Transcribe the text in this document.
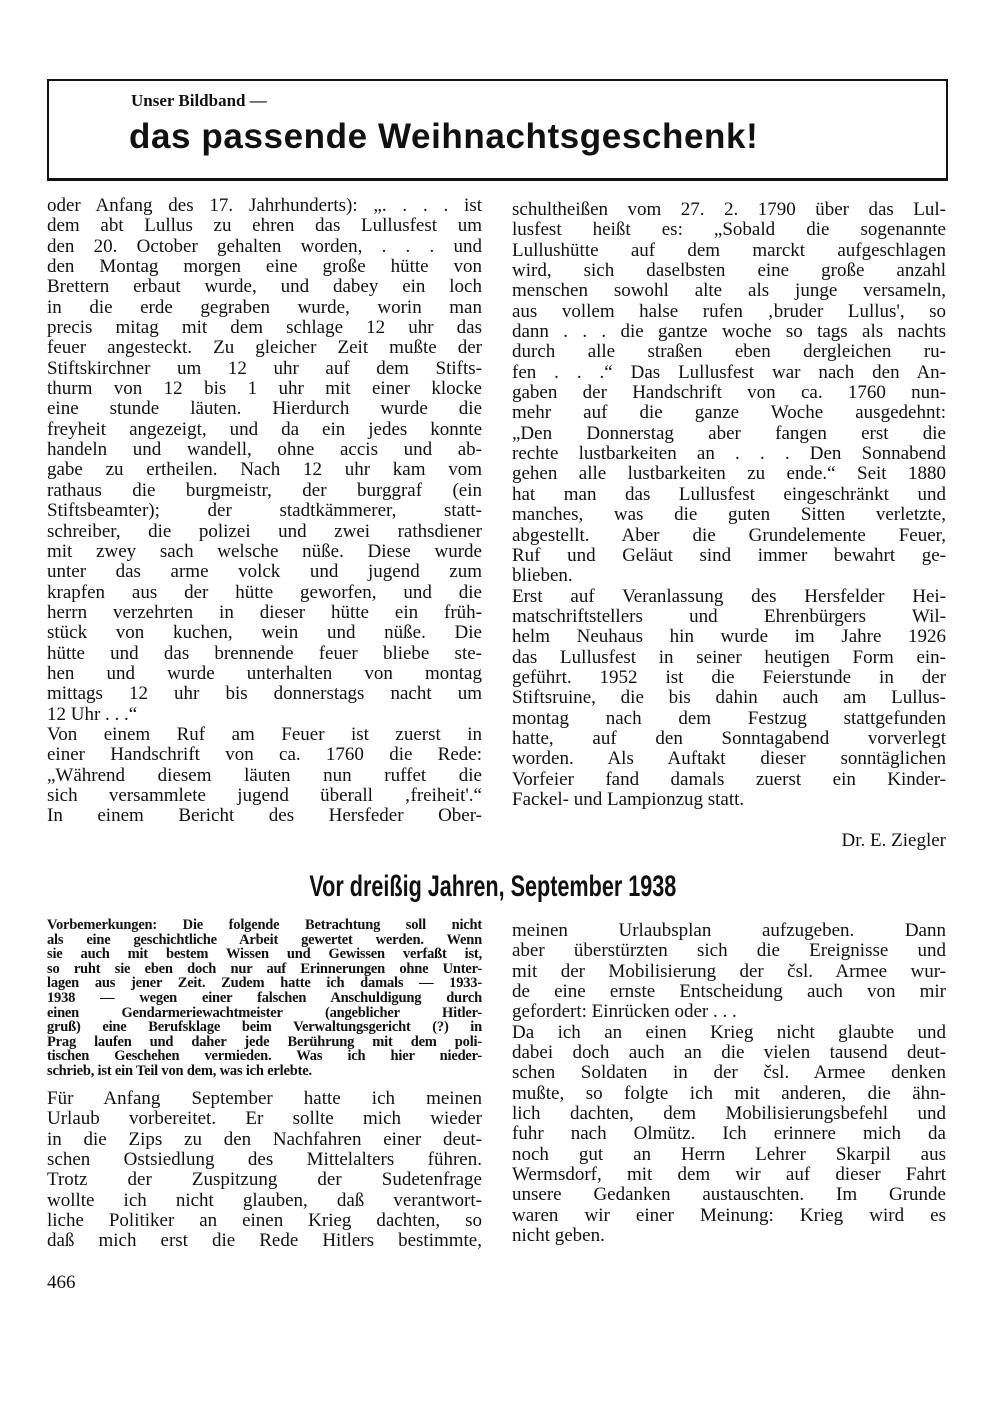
Unser Bildband —
das passende Weihnachtsgeschenk!
oder Anfang des 17. Jahrhunderts): „. . . . ist
dem abt Lullus zu ehren das Lullusfest um
den 20. October gehalten worden, . . . und
den Montag morgen eine große hütte von
Brettern erbaut wurde, und dabey ein loch
in die erde gegraben wurde, worin man
precis mitag mit dem schlage 12 uhr das
feuer angesteckt. Zu gleicher Zeit mußte der
Stiftskirchner um 12 uhr auf dem Stifts-
thurm von 12 bis 1 uhr mit einer klocke
eine stunde läuten. Hierdurch wurde die
freyheit angezeigt, und da ein jedes konnte
handeln und wandell, ohne accis und ab-
gabe zu ertheilen. Nach 12 uhr kam vom
rathaus die burgmeistr, der burggraf (ein
Stiftsbeamter); der stadtkämmerer, statt-
schreiber, die polizei und zwei rathsdiener
mit zwey sach welsche nüße. Diese wurde
unter das arme volck und jugend zum
krapfen aus der hütte geworfen, und die
herrn verzehrten in dieser hütte ein früh-
stück von kuchen, wein und nüße. Die
hütte und das brennende feuer bliebe ste-
hen und wurde unterhalten von montag
mittags 12 uhr bis donnerstags nacht um
12 Uhr . . .“
Von einem Ruf am Feuer ist zuerst in
einer Handschrift von ca. 1760 die Rede:
„Während diesem läuten nun ruffet die
sich versammlete jugend überall ‚freiheit'.“
In einem Bericht des Hersfeder Ober-
schultheißen vom 27. 2. 1790 über das Lul-
lusfest heißt es: „Sobald die sogenannte
Lullushütte auf dem marckt aufgeschlagen
wird, sich daselbsten eine große anzahl
menschen sowohl alte als junge versameln,
aus vollem halse rufen ‚bruder Lullus', so
dann . . . die gantze woche so tags als nachts
durch alle straßen eben dergleichen ru-
fen . . .“ Das Lullusfest war nach den An-
gaben der Handschrift von ca. 1760 nun-
mehr auf die ganze Woche ausgedehnt:
„Den Donnerstag aber fangen erst die
rechte lustbarkeiten an . . . Den Sonnabend
gehen alle lustbarkeiten zu ende.“ Seit 1880
hat man das Lullusfest eingeschränkt und
manches, was die guten Sitten verletzte,
abgestellt. Aber die Grundelemente Feuer,
Ruf und Geläut sind immer bewahrt ge-
blieben.
Erst auf Veranlassung des Hersfelder Hei-
matschriftstellers und Ehrenbürgers Wil-
helm Neuhaus hin wurde im Jahre 1926
das Lullusfest in seiner heutigen Form ein-
geführt. 1952 ist die Feierstunde in der
Stiftsruine, die bis dahin auch am Lullus-
montag nach dem Festzug stattgefunden
hatte, auf den Sonntagabend vorverlegt
worden. Als Auftakt dieser sonntäglichen
Vorfeier fand damals zuerst ein Kinder-
Fackel- und Lampionzug statt.
Dr. E. Ziegler
Vor dreißig Jahren, September 1938
Vorbemerkungen: Die folgende Betrachtung soll nicht
als eine geschichtliche Arbeit gewertet werden. Wenn
sie auch mit bestem Wissen und Gewissen verfaßt ist,
so ruht sie eben doch nur auf Erinnerungen ohne Unter-
lagen aus jener Zeit. Zudem hatte ich damals — 1933-
1938 — wegen einer falschen Anschuldigung durch
einen Gendarmeriewachtmeister (angeblicher Hitler-
gruß) eine Berufsklage beim Verwaltungsgericht (?) in
Prag laufen und daher jede Berührung mit dem poli-
tischen Geschehen vermieden. Was ich hier nieder-
schrieb, ist ein Teil von dem, was ich erlebte.
Für Anfang September hatte ich meinen
Urlaub vorbereitet. Er sollte mich wieder
in die Zips zu den Nachfahren einer deut-
schen Ostsiedlung des Mittelalters führen.
Trotz der Zuspitzung der Sudetenfrage
wollte ich nicht glauben, daß verantwort-
liche Politiker an einen Krieg dachten, so
daß mich erst die Rede Hitlers bestimmte,
meinen Urlaubsplan aufzugeben. Dann
aber überstürzten sich die Ereignisse und
mit der Mobilisierung der čsl. Armee wur-
de eine ernste Entscheidung auch von mir
gefordert: Einrücken oder . . .
Da ich an einen Krieg nicht glaubte und
dabei doch auch an die vielen tausend deut-
schen Soldaten in der čsl. Armee denken
mußte, so folgte ich mit anderen, die ähn-
lich dachten, dem Mobilisierungsbefehl und
fuhr nach Olmütz. Ich erinnere mich da
noch gut an Herrn Lehrer Skarpil aus
Wermsdorf, mit dem wir auf dieser Fahrt
unsere Gedanken austauschten. Im Grunde
waren wir einer Meinung: Krieg wird es
nicht geben.
466
